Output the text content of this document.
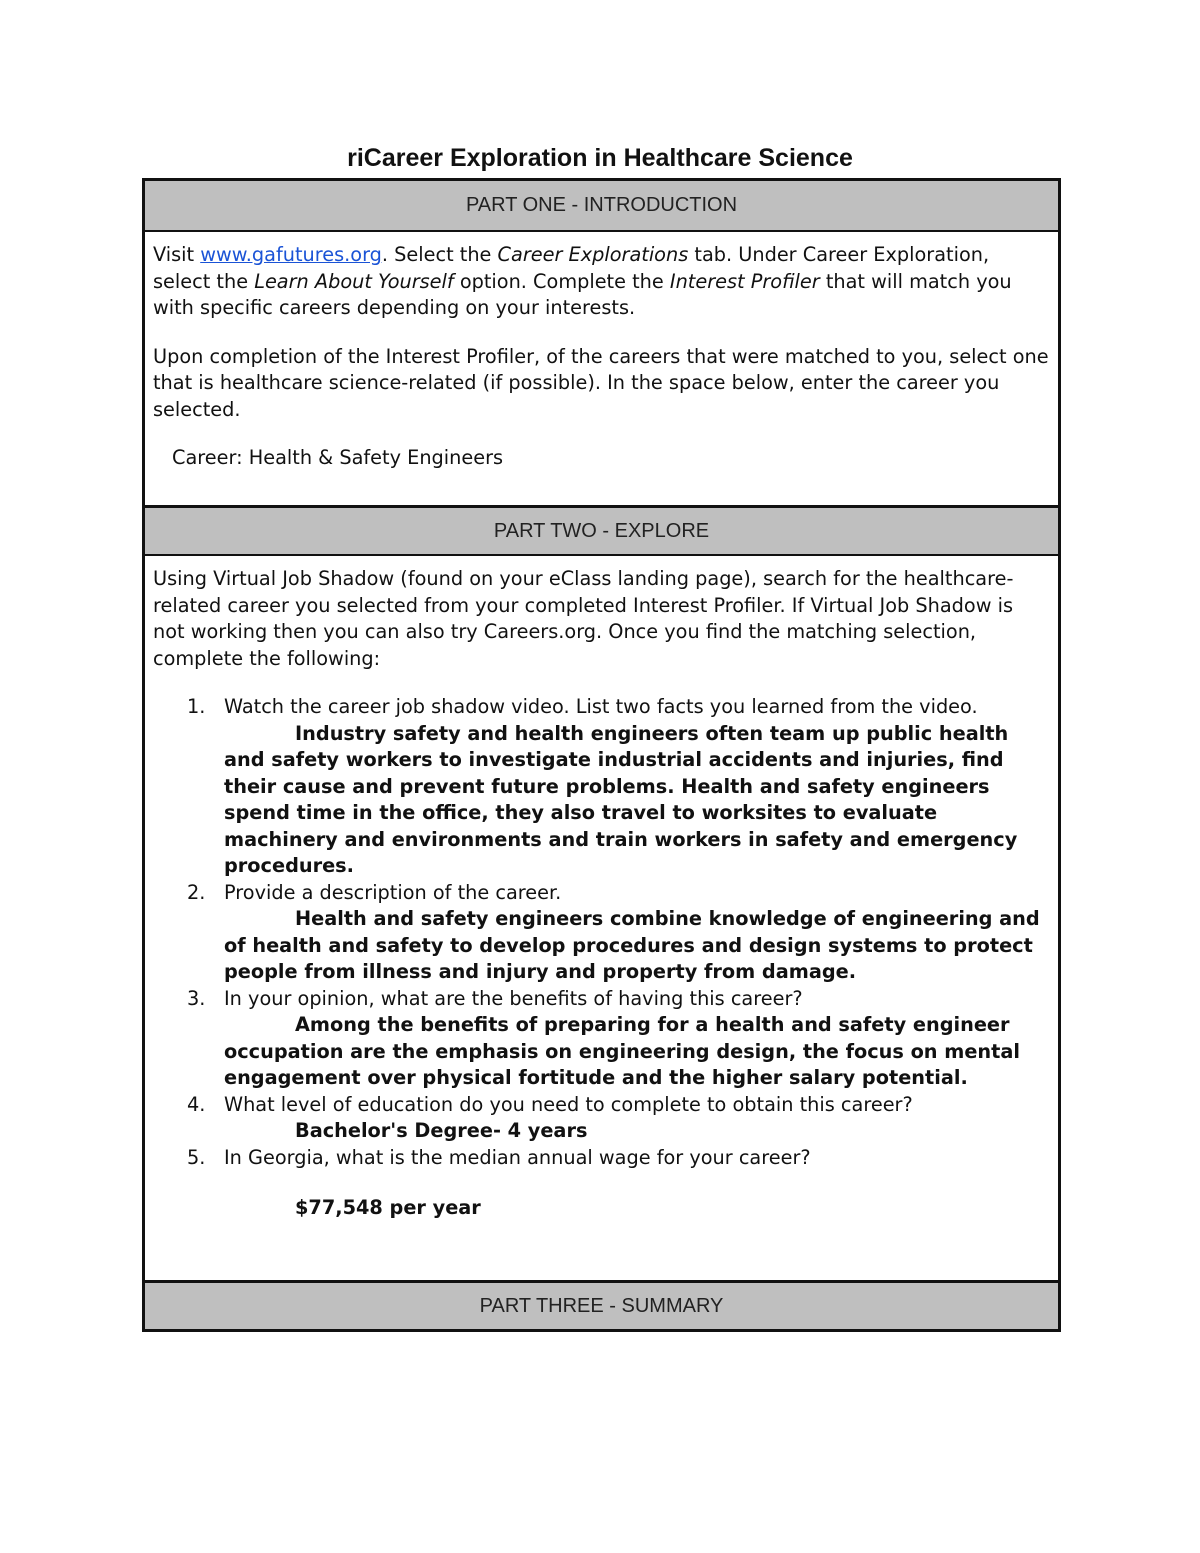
riCareer Exploration in Healthcare Science
PART ONE - INTRODUCTION

Visit www.gafutures.org. Select the Career Explorations tab. Under Career Exploration, select the Learn About Yourself option. Complete the Interest Profiler that will match you with specific careers depending on your interests.

Upon completion of the Interest Profiler, of the careers that were matched to you, select one that is healthcare science-related (if possible). In the space below, enter the career you selected.

Career: Health & Safety Engineers
PART TWO - EXPLORE

Using Virtual Job Shadow (found on your eClass landing page), search for the healthcare-related career you selected from your completed Interest Profiler. If Virtual Job Shadow is not working then you can also try Careers.org. Once you find the matching selection, complete the following:

1. Watch the career job shadow video. List two facts you learned from the video.
Industry safety and health engineers often team up public health and safety workers to investigate industrial accidents and injuries, find their cause and prevent future problems. Health and safety engineers spend time in the office, they also travel to worksites to evaluate machinery and environments and train workers in safety and emergency procedures.
2. Provide a description of the career.
Health and safety engineers combine knowledge of engineering and of health and safety to develop procedures and design systems to protect people from illness and injury and property from damage.
3. In your opinion, what are the benefits of having this career?
Among the benefits of preparing for a health and safety engineer occupation are the emphasis on engineering design, the focus on mental engagement over physical fortitude and the higher salary potential.
4. What level of education do you need to complete to obtain this career?
Bachelor's Degree- 4 years
5. In Georgia, what is the median annual wage for your career?
$77,548 per year
PART THREE - SUMMARY
